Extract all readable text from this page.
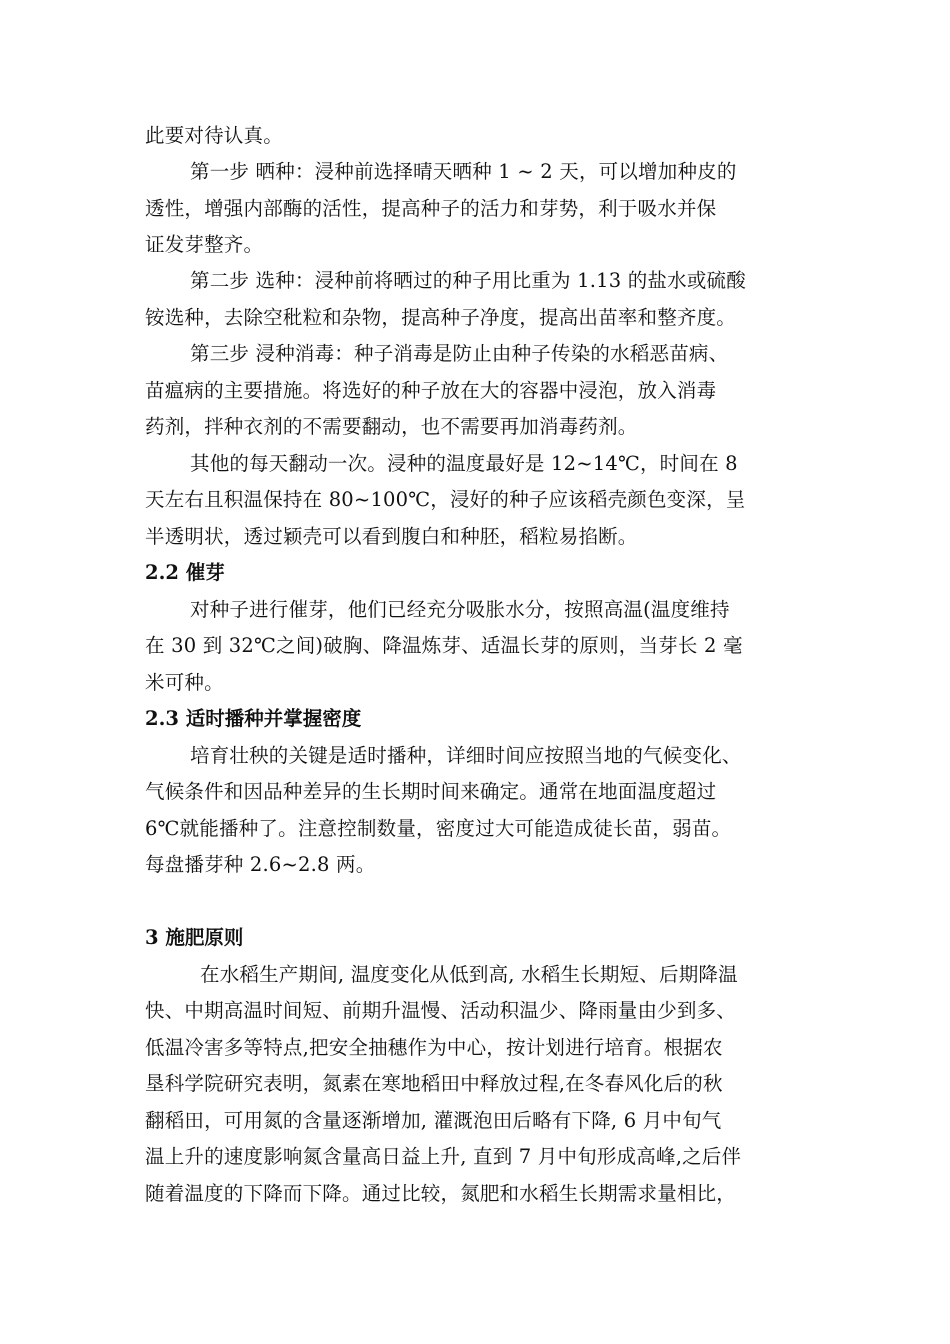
此要对待认真。
第一步 晒种：浸种前选择晴天晒种 1 ~ 2 天，可以增加种皮的
透性，增强内部酶的活性，提高种子的活力和芽势，利于吸水并保
证发芽整齐。
第二步 选种：浸种前将晒过的种子用比重为 1.13 的盐水或硫酸
铵选种，去除空秕粒和杂物，提高种子净度，提高出苗率和整齐度。
第三步 浸种消毒：种子消毒是防止由种子传染的水稻恶苗病、
苗瘟病的主要措施。将选好的种子放在大的容器中浸泡，放入消毒
药剂，拌种衣剂的不需要翻动，也不需要再加消毒药剂。
其他的每天翻动一次。浸种的温度最好是 12~14℃，时间在 8
天左右且积温保持在 80~100℃，浸好的种子应该稻壳颜色变深，呈
半透明状，透过颖壳可以看到腹白和种胚，稻粒易掐断。
2.2 催芽
对种子进行催芽，他们已经充分吸胀水分，按照高温(温度维持
在 30 到 32℃之间)破胸、降温炼芽、适温长芽的原则，当芽长 2 毫
米可种。
2.3 适时播种并掌握密度
培育壮秧的关键是适时播种，详细时间应按照当地的气候变化、
气候条件和因品种差异的生长期时间来确定。通常在地面温度超过
6℃就能播种了。注意控制数量，密度过大可能造成徒长苗，弱苗。
每盘播芽种 2.6~2.8 两。
3 施肥原则
在水稻生产期间, 温度变化从低到高, 水稻生长期短、后期降温
快、中期高温时间短、前期升温慢、活动积温少、降雨量由少到多、
低温冷害多等特点,把安全抽穗作为中心，按计划进行培育。根据农
垦科学院研究表明，氮素在寒地稻田中释放过程,在冬春风化后的秋
翻稻田，可用氮的含量逐渐增加, 灌溉泡田后略有下降, 6 月中旬气
温上升的速度影响氮含量高日益上升, 直到 7 月中旬形成高峰,之后伴
随着温度的下降而下降。通过比较，氮肥和水稻生长期需求量相比，
